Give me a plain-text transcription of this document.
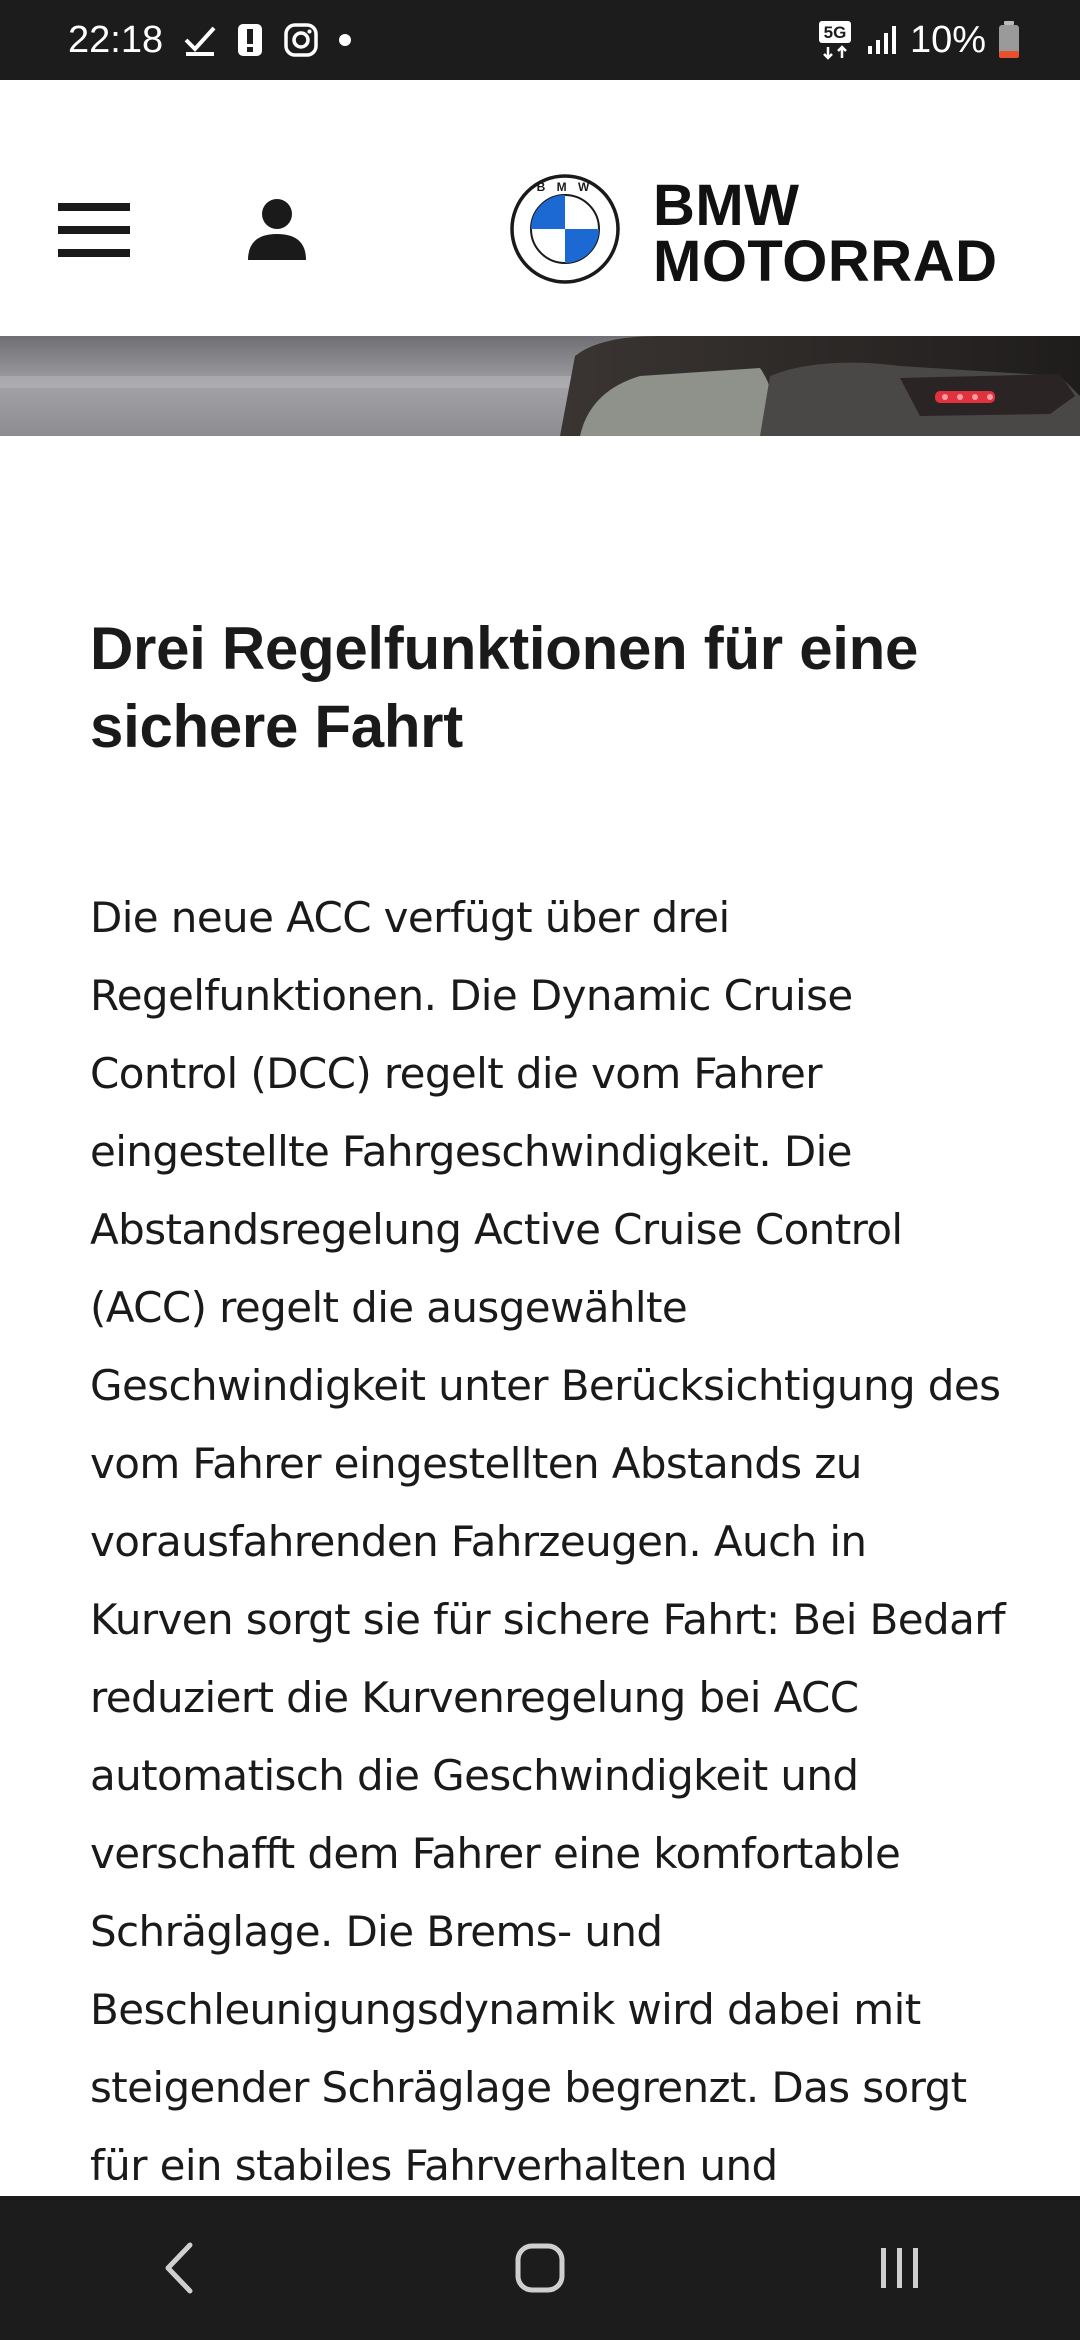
22:18	5G 10%
B M W BMW
MOTORRAD
Drei Regelfunktionen für eine sichere Fahrt

Die neue ACC verfügt über drei Regelfunktionen. Die Dynamic Cruise Control (DCC) regelt die vom Fahrer eingestellte Fahrgeschwindigkeit. Die Abstandsregelung Active Cruise Control (ACC) regelt die ausgewählte Geschwindigkeit unter Berücksichtigung des vom Fahrer eingestellten Abstands zu vorausfahrenden Fahrzeugen. Auch in Kurven sorgt sie für sichere Fahrt: Bei Bedarf reduziert die Kurvenregelung bei ACC automatisch die Geschwindigkeit und verschafft dem Fahrer eine komfortable Schräglage. Die Brems- und Beschleunigungsdynamik wird dabei mit steigender Schräglage begrenzt. Das sorgt für ein stabiles Fahrverhalten und
